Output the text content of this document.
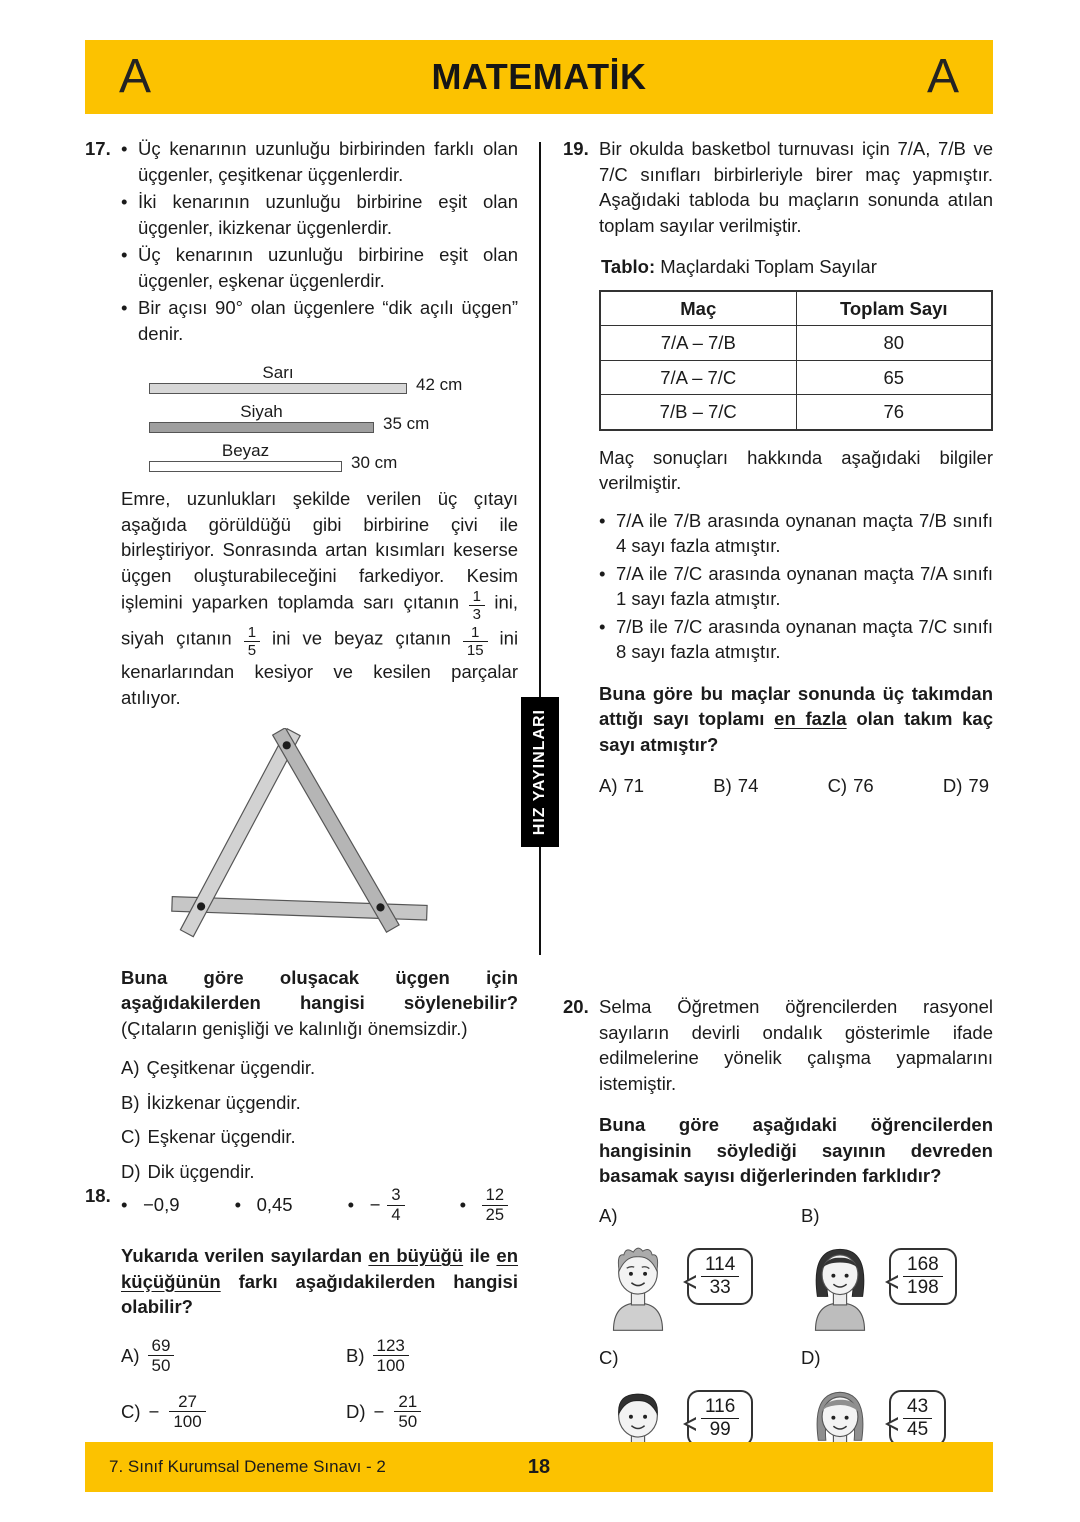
A	MATEMATİK	A
HIZ YAYINLARI
17. • Üç kenarının uzunluğu birbirinden farklı olan üçgenler, çeşitkenar üçgenlerdir.
• İki kenarının uzunluğu birbirine eşit olan üçgenler, ikizkenar üçgenlerdir.
• Üç kenarının uzunluğu birbirine eşit olan üçgenler, eşkenar üçgenlerdir.
• Bir açısı 90° olan üçgenlere “dik açılı üçgen” denir.
Sarı
42 cm
Siyah
35 cm
Beyaz
30 cm

Emre, uzunlukları şekilde verilen üç çıtayı aşağıda görüldüğü gibi birbirine çivi ile birleştiriyor. Sonrasında artan kısımları keserse üçgen oluşturabileceğini farkediyor. Kesim işlemini yaparken toplamda sarı çıtanın $\frac{1}{3}$ ini, siyah çıtanın $\frac{1}{5}$ ini ve beyaz çıtanın $\frac{1}{15}$ ini kenarlarından kesiyor ve kesilen parçalar atılıyor.

Buna göre oluşacak üçgen için aşağıdakilerden hangisi söylenebilir? (Çıtaların genişliği ve kalınlığı önemsizdir.)

A) Çeşitkenar üçgendir.
B) İkizkenar üçgendir.
C) Eşkenar üçgendir.
D) Dik üçgendir.
18. • −0,9	• 0,45	• − $\frac{3}{4}$	• $\frac{12}{25}$

Yukarıda verilen sayılardan en büyüğü ile en küçüğünün farkı aşağıdakilerden hangisi olabilir?

$A) \frac{69}{50}$	$B) \frac{123}{100}$
$C) - \frac{27}{100}$	$D) - \frac{21}{50}$
19. Bir okulda basketbol turnuvası için 7/A, 7/B ve 7/C sınıfları birbirleriyle birer maç yapmıştır. Aşağıdaki tabloda bu maçların sonunda atılan toplam sayılar verilmiştir.

Tablo: Maçlardaki Toplam Sayılar

Maç	Toplam Sayı
7/A – 7/B	80
7/A – 7/C	65
7/B – 7/C	76

Maç sonuçları hakkında aşağıdaki bilgiler verilmiştir.

• 7/A ile 7/B arasında oynanan maçta 7/B sınıfı 4 sayı fazla atmıştır.
• 7/A ile 7/C arasında oynanan maçta 7/A sınıfı 1 sayı fazla atmıştır.
• 7/B ile 7/C arasında oynanan maçta 7/C sınıfı 8 sayı fazla atmıştır.

Buna göre bu maçlar sonunda üç takımdan attığı sayı toplamı en fazla olan takım kaç sayı atmıştır?

A) 71	B) 74	C) 76	D) 79
20. Selma Öğretmen öğrencilerden rasyonel sayıların devirli ondalık gösterimle ifade edilmelerine yönelik çalışma yapmalarını istemiştir.

Buna göre aşağıdaki öğrencilerden hangisinin söylediği sayının devreden basamak sayısı diğerlerinden farklıdır?

A)
$\frac{114}{33}$
B)
$\frac{168}{198}$
C)
$\frac{116}{99}$
D)
$\frac{43}{45}$
7. Sınıf Kurumsal Deneme Sınavı - 2	18
